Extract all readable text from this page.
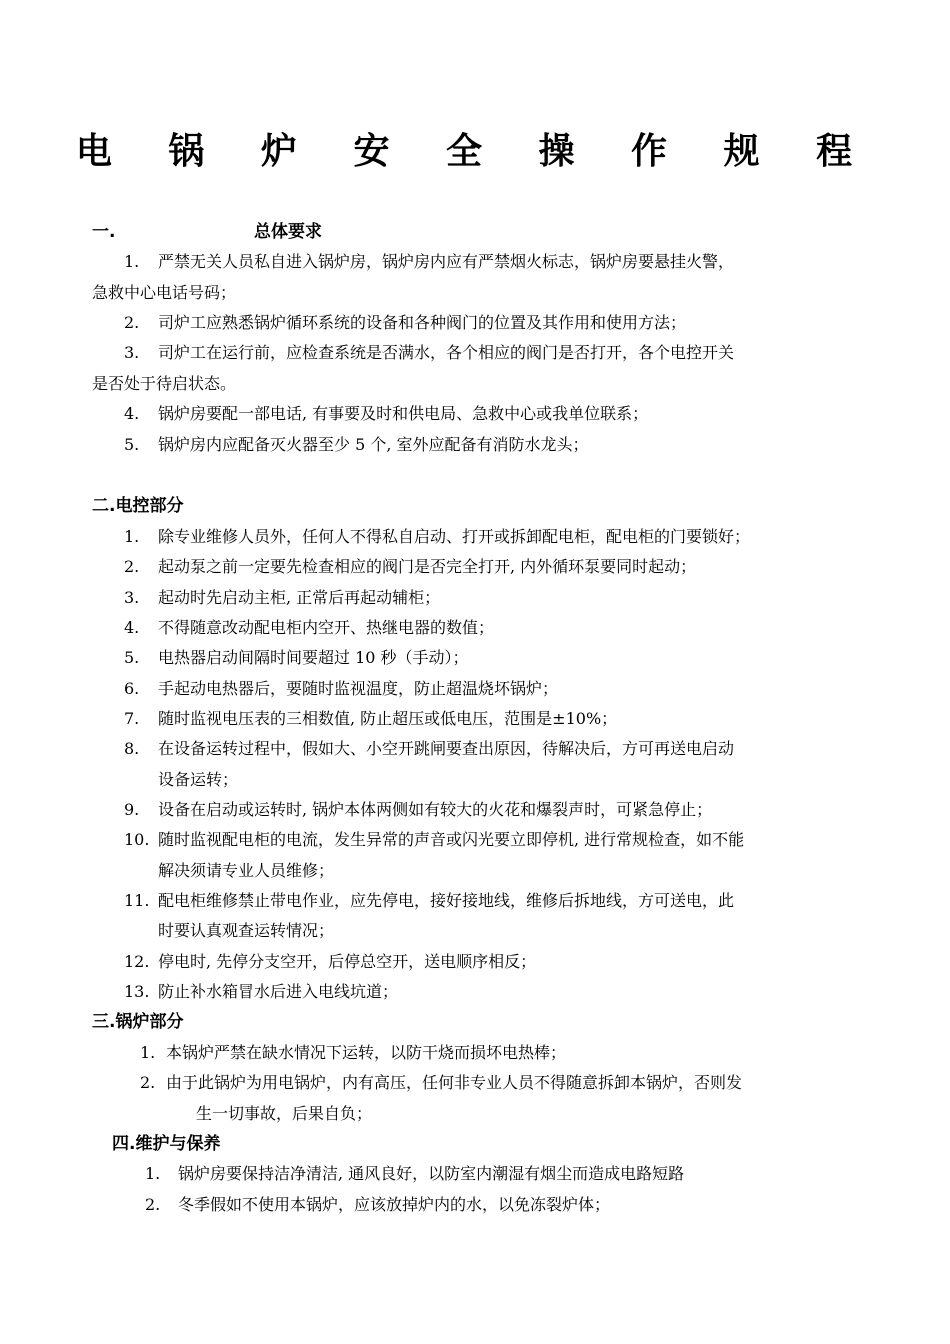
电 锅 炉 安 全 操 作 规 程
一.	总体要求
1. 严禁无关人员私自进入锅炉房，锅炉房内应有严禁烟火标志，锅炉房要悬挂火警，
急救中心电话号码；
2. 司炉工应熟悉锅炉循环系统的设备和各种阀门的位置及其作用和使用方法；
3. 司炉工在运行前，应检查系统是否满水，各个相应的阀门是否打开，各个电控开关
是否处于待启状态。
4. 锅炉房要配一部电话, 有事要及时和供电局、急救中心或我单位联系；
5. 锅炉房内应配备灭火器至少 5 个, 室外应配备有消防水龙头；
二.电控部分
1. 除专业维修人员外，任何人不得私自启动、打开或拆卸配电柜，配电柜的门要锁好；
2. 起动泵之前一定要先检查相应的阀门是否完全打开, 内外循环泵要同时起动；
3. 起动时先启动主柜, 正常后再起动辅柜；
4. 不得随意改动配电柜内空开、热继电器的数值；
5. 电热器启动间隔时间要超过 10 秒（手动）；
6. 手起动电热器后，要随时监视温度，防止超温烧坏锅炉；
7. 随时监视电压表的三相数值, 防止超压或低电压，范围是±10%；
8. 在设备运转过程中，假如大、小空开跳闸要查出原因，待解决后，方可再送电启动
设备运转；
9. 设备在启动或运转时, 锅炉本体两侧如有较大的火花和爆裂声时，可紧急停止；
10. 随时监视配电柜的电流，发生异常的声音或闪光要立即停机, 进行常规检查，如不能
解决须请专业人员维修；
11. 配电柜维修禁止带电作业，应先停电，接好接地线，维修后拆地线，方可送电，此
时要认真观查运转情况；
12. 停电时, 先停分支空开，后停总空开，送电顺序相反；
13. 防止补水箱冒水后进入电线坑道；
三.锅炉部分
1. 本锅炉严禁在缺水情况下运转，以防干烧而损坏电热棒；
2. 由于此锅炉为用电锅炉，内有高压，任何非专业人员不得随意拆卸本锅炉，否则发
生一切事故，后果自负；
四.维护与保养
1. 锅炉房要保持洁净清洁, 通风良好，以防室内潮湿有烟尘而造成电路短路
2. 冬季假如不使用本锅炉，应该放掉炉内的水，以免冻裂炉体；
